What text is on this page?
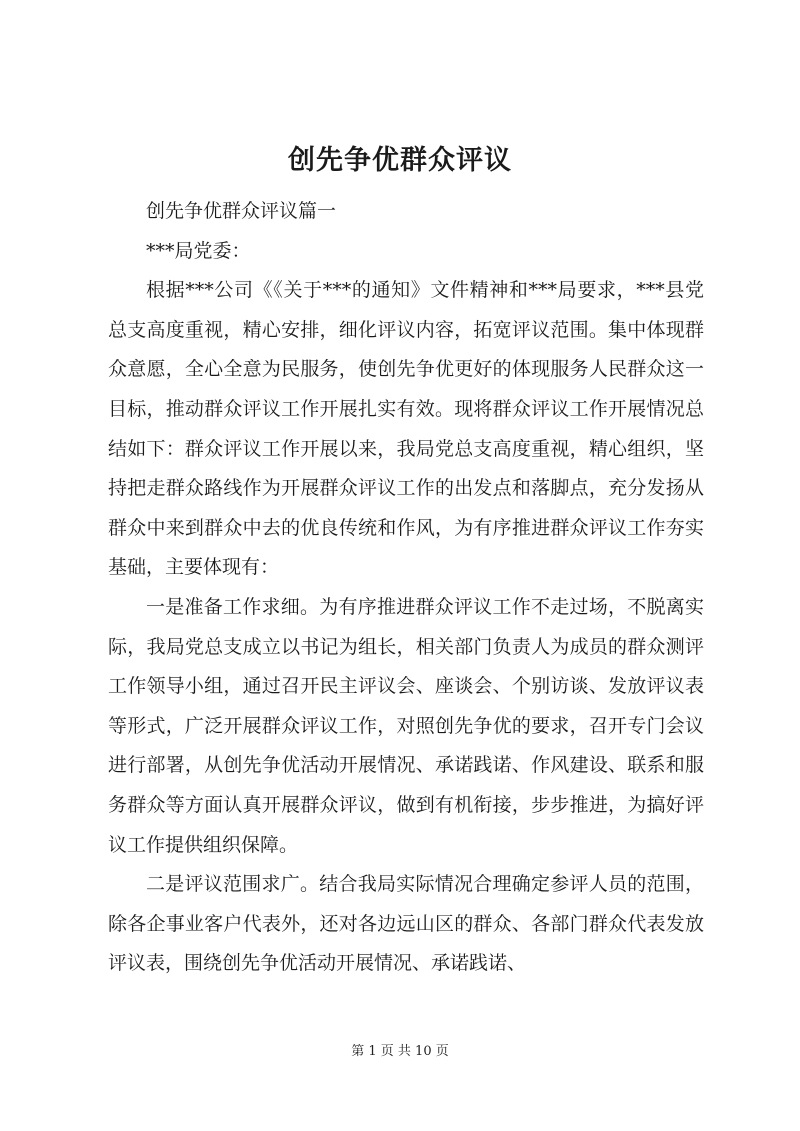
创先争优群众评议

创先争优群众评议篇一

***局党委：

根据***公司《《关于***的通知》文件精神和***局要求，***县党总支高度重视，精心安排，细化评议内容，拓宽评议范围。集中体现群众意愿，全心全意为民服务，使创先争优更好的体现服务人民群众这一目标，推动群众评议工作开展扎实有效。现将群众评议工作开展情况总结如下：群众评议工作开展以来，我局党总支高度重视，精心组织，坚持把走群众路线作为开展群众评议工作的出发点和落脚点，充分发扬从群众中来到群众中去的优良传统和作风，为有序推进群众评议工作夯实基础，主要体现有：

一是准备工作求细。为有序推进群众评议工作不走过场，不脱离实际，我局党总支成立以书记为组长，相关部门负责人为成员的群众测评工作领导小组，通过召开民主评议会、座谈会、个别访谈、发放评议表等形式，广泛开展群众评议工作，对照创先争优的要求，召开专门会议进行部署，从创先争优活动开展情况、承诺践诺、作风建设、联系和服务群众等方面认真开展群众评议，做到有机衔接，步步推进，为搞好评议工作提供组织保障。

二是评议范围求广。结合我局实际情况合理确定参评人员的范围，除各企事业客户代表外，还对各边远山区的群众、各部门群众代表发放评议表，围绕创先争优活动开展情况、承诺践诺、

第 1 页 共 10 页
